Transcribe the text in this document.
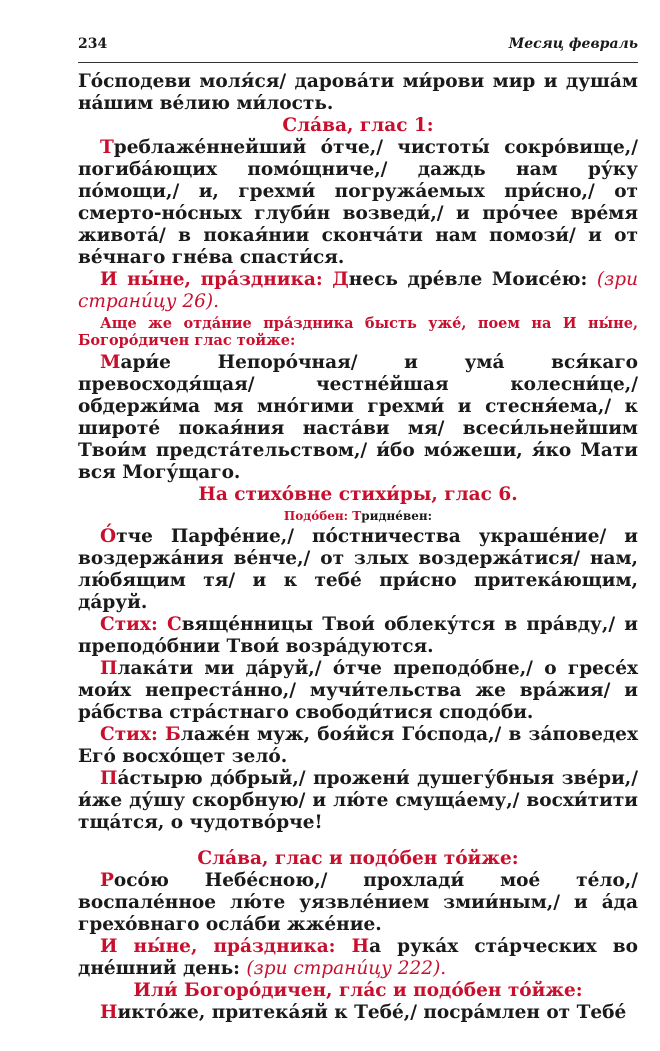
234	Месяц февраль

Го́сподеви моля́ся/ дарова́ти ми́рови мир и душа́м на́шим ве́лию ми́лость.

Сла́ва, глас 1:

Треблаже́ннейший о́тче,/ чистоты́ сокро́вище,/ погиба́ющих помо́щниче,/ даждь нам ру́ку по́мощи,/ и, грехми́ погружа́емых при́сно,/ от смерто-но́сных глуби́н возведи́,/ и про́чее вре́мя живота́/ в покая́нии сконча́ти нам помози́/ и от ве́чнаго гне́ва спасти́ся.

И ны́не, пра́здника: Днесь дре́вле Моисе́ю: (зри страни́цу 26).

Аще же отда́ние пра́здника бысть уже́, поем на И ны́не, Богоро́дичен глас тойже:

Мари́е Непоро́чная/ и ума́ вся́каго превосходя́щая/ честне́йшая колесни́це,/ обдержи́ма мя мно́гими грехми́ и стесня́ема,/ к широте́ покая́ния наста́ви мя/ всеси́льнейшим Твои́м предста́тельством,/ и́бо мо́жеши, я́ко Мати вся Могу́щаго.

На стихо́вне стихи́ры, глас 6.

Подо́бен: Тридне́вен:

О́тче Парфе́ние,/ по́стничества украше́ние/ и воздержа́ния ве́нче,/ от злых воздержа́тися/ нам, лю́бящим тя/ и к тебе́ при́сно притека́ющим, да́руй.

Стих: Свяще́нницы Твои́ облеку́тся в пра́вду,/ и преподо́бнии Твои́ возра́дуются.

Плака́ти ми да́руй,/ о́тче преподо́бне,/ о гресе́х мои́х непреста́нно,/ мучи́тельства же вра́жия/ и ра́бства стра́стнаго свободи́тися сподо́би.

Стих: Блаже́н муж, боя́йся Го́спода,/ в за́поведех Его́ восхо́щет зело́.

Па́стырю до́брый,/ прожени́ душегу́бныя зве́ри,/ и́же ду́шу скорбную/ и лю́те смуща́ему,/ восхи́тити тща́тся, о чудотво́рче!

Сла́ва, глас и подо́бен то́йже:

Росо́ю Небе́сною,/ прохлади́ мое́ те́ло,/ воспале́нное лю́те уязвле́нием змии́ным,/ и а́да грехо́внаго осла́би жже́ние.

И ны́не, пра́здника: На рука́х ста́рческих во дне́шний день: (зри страни́цу 222).

Или́ Богоро́дичен, гла́с и подо́бен то́йже:

Никто́же, притека́яй к Тебе́,/ посра́млен от Тебе́
